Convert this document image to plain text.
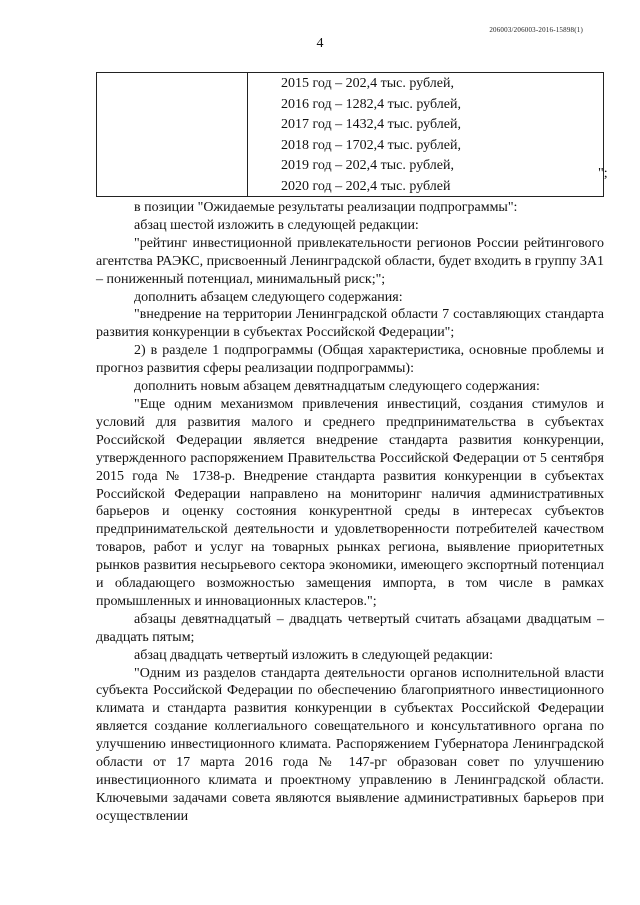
206003/206003-2016-15898(1)
4

2015 год – 202,4 тыс. рублей,
2016 год – 1282,4 тыс. рублей,
2017 год – 1432,4 тыс. рублей,
2018 год – 1702,4 тыс. рублей,
2019 год – 202,4 тыс. рублей,
2020 год – 202,4 тыс. рублей
";

в позиции "Ожидаемые результаты реализации подпрограммы":

абзац шестой изложить в следующей редакции:

"рейтинг инвестиционной привлекательности регионов России рейтингового агентства РАЭКС, присвоенный Ленинградской области, будет входить в группу 3А1 – пониженный потенциал, минимальный риск;";

дополнить абзацем следующего содержания:

"внедрение на территории Ленинградской области 7 составляющих стандарта развития конкуренции в субъектах Российской Федерации";

2) в разделе 1 подпрограммы (Общая характеристика, основные проблемы и прогноз развития сферы реализации подпрограммы):

дополнить новым абзацем девятнадцатым следующего содержания:

"Еще одним механизмом привлечения инвестиций, создания стимулов и условий для развития малого и среднего предпринимательства в субъектах Российской Федерации является внедрение стандарта развития конкуренции, утвержденного распоряжением Правительства Российской Федерации от 5 сентября 2015 года № 1738-р. Внедрение стандарта развития конкуренции в субъектах Российской Федерации направлено на мониторинг наличия административных барьеров и оценку состояния конкурентной среды в интересах субъектов предпринимательской деятельности и удовлетворенности потребителей качеством товаров, работ и услуг на товарных рынках региона, выявление приоритетных рынков развития несырьевого сектора экономики, имеющего экспортный потенциал и обладающего возможностью замещения импорта, в том числе в рамках промышленных и инновационных кластеров.";

абзацы девятнадцатый – двадцать четвертый считать абзацами двадцатым – двадцать пятым;

абзац двадцать четвертый изложить в следующей редакции:

"Одним из разделов стандарта деятельности органов исполнительной власти субъекта Российской Федерации по обеспечению благоприятного инвестиционного климата и стандарта развития конкуренции в субъектах Российской Федерации является создание коллегиального совещательного и консультативного органа по улучшению инвестиционного климата. Распоряжением Губернатора Ленинградской области от 17 марта 2016 года № 147-рг образован совет по улучшению инвестиционного климата и проектному управлению в Ленинградской области. Ключевыми задачами совета являются выявление административных барьеров при осуществлении
